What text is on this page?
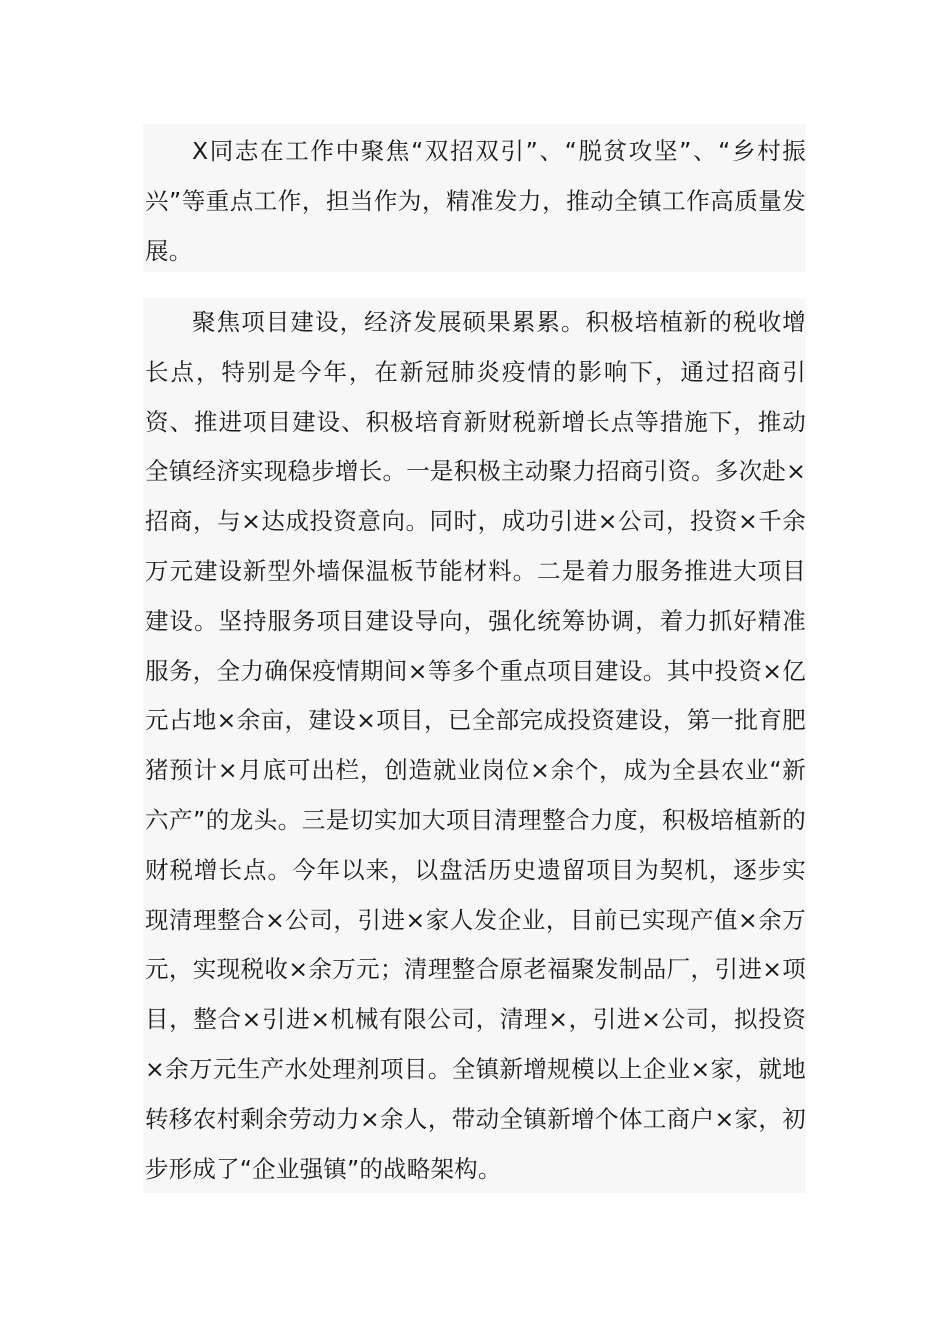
X同志在工作中聚焦“双招双引”、“脱贫攻坚”、“乡村振兴”等重点工作，担当作为，精准发力，推动全镇工作高质量发展。

聚焦项目建设，经济发展硕果累累。积极培植新的税收增长点，特别是今年，在新冠肺炎疫情的影响下，通过招商引资、推进项目建设、积极培育新财税新增长点等措施下，推动全镇经济实现稳步增长。一是积极主动聚力招商引资。多次赴×招商，与×达成投资意向。同时，成功引进×公司，投资×千余万元建设新型外墙保温板节能材料。二是着力服务推进大项目建设。坚持服务项目建设导向，强化统筹协调，着力抓好精准服务，全力确保疫情期间×等多个重点项目建设。其中投资×亿元占地×余亩，建设×项目，已全部完成投资建设，第一批育肥猪预计×月底可出栏，创造就业岗位×余个，成为全县农业“新六产”的龙头。三是切实加大项目清理整合力度，积极培植新的财税增长点。今年以来，以盘活历史遗留项目为契机，逐步实现清理整合×公司，引进×家人发企业，目前已实现产值×余万元，实现税收×余万元；清理整合原老福聚发制品厂，引进×项目，整合×引进×机械有限公司，清理×，引进×公司，拟投资×余万元生产水处理剂项目。全镇新增规模以上企业×家，就地转移农村剩余劳动力×余人，带动全镇新增个体工商户×家，初步形成了“企业强镇”的战略架构。
